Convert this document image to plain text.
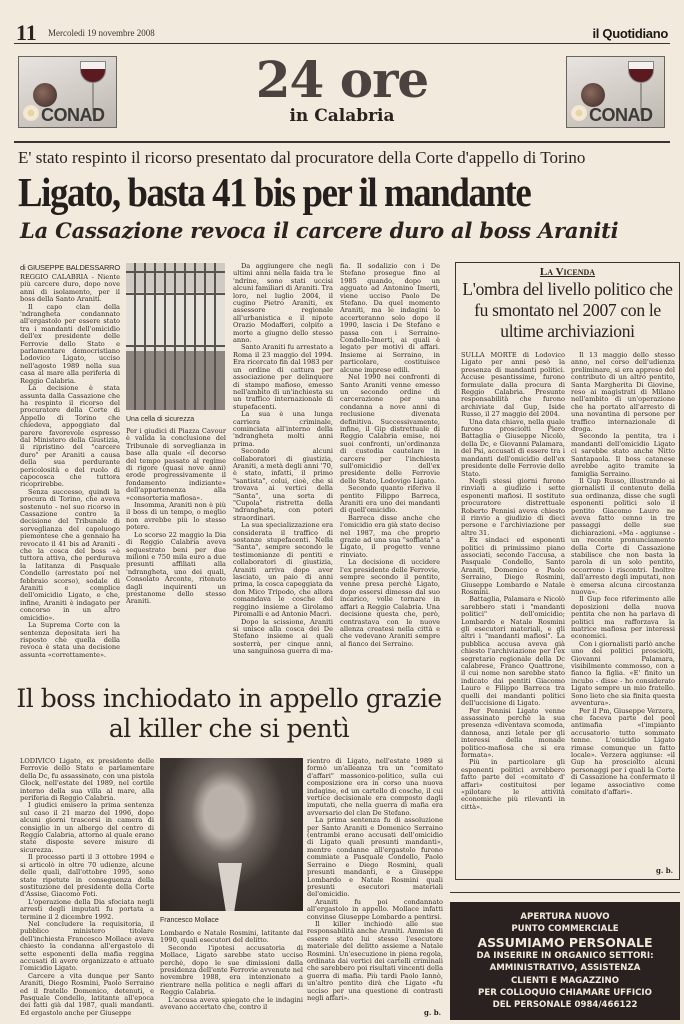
11 Mercoledì 19 novembre 2008	il Quotidiano
CONAD
24 ore
in Calabria	CONAD
E' stato respinto il ricorso presentato dal procuratore della Corte d'appello di Torino
Ligato, basta 41 bis per il mandante
La Cassazione revoca il carcere duro al boss Araniti
di GIUSEPPE BALDESSARRO

REGGIO CALABRIA - Niente più carcere duro, dopo nove anni di isolamento, per il boss della Santo Araniti.

Il capo clan della 'ndrangheta condannato all'ergastolo per essere stato tra i mandanti dell'omicidio dell'ex presidente delle Ferrovie dello Stato e parlamentare democristiano Lodovico Ligato, ucciso nell'agosto 1989 nella sua casa al mare alla periferia di Reggio Calabria.

La decisione è stata assunta dalla Cassazione che ha respinto il ricorso del procuratore della Corte di Appello di Torino che chiedeva, appoggiato dal parere favorevole espresso dal Ministero della Giustizia, il ripristino del "carcere duro" per Araniti a causa della sua perdurante pericolosità e del ruolo di capocosca che tuttora ricoprirebbe.

Senza successo, quindi la procura di Torino, che aveva sostenuto - nel suo ricorso in Cassazione contro la decisione del Tribunale di sorveglianza del capoluogo piemontese che a gennaio ha revocato il 41 bis ad Araniti - che la cosca del boss «è tuttora attiva, che perdurava la latitanza di Pasquale Condello (arrestato poi nel febbraio scorso), sodale di Araniti e complice dell'omicidio Ligato, e che, infine, Araniti è indagato per concorso in un altro omicidio».

La Suprema Corte con la sentenza depositata ieri ha risposto che quella della revoca è stata una decisione assunta «correttamente».

Una cella di sicurezza

Per i giudici di Piazza Cavour è valida la conclusione del Tribunale di sorveglianza in base alla quale «il decorso del tempo passato al regime di rigore (quasi nove anni) erode progressivamente il fondamento indiziante» dell'appartenenza alla «consorteria mafiosa».

Insomma, Araniti non è più il boss di un tempo, o meglio non avrebbe più lo stesso potere.

Lo scorso 22 maggio la Dia di Reggio Calabria aveva sequestrato beni per due milioni e 750 mila euro a due presunti affiliati alla 'ndrangheta, uno dei quali, Consolato Arconte, ritenuto dagli inquirenti un prestanome dello stesso Araniti.

Da aggiungere che negli ultimi anni nella faida tra le 'ndrine, sono stati uccisi alcuni familiari di Araniti. Tra loro, nel luglio 2004, il cugino Pietro Araniti, ex assessore regionale all'urbanistica e il nipote Orazio Modafferi, colpito a morte a giugno dello stesso anno.

Santo Araniti fu arrestato a Roma il 23 maggio del 1994. Era ricercato fin dal 1983 per un ordine di cattura per associazione per delinquere di stampo mafioso, emesso nell'ambito di un'inchiesta su un traffico internazionale di stupefacenti.

La sua è una lunga carriera criminale, cominciata all'interno della 'ndrangheta molti anni prima.

Secondo alcuni collaboratori di giustizia, Araniti, a metà degli anni '70, è stato, infatti, il primo "santista", colui, cioè, che si trovava ai vertici della "Santa", una sorta di "Cupola" ristretta della 'ndrangheta, con poteri straordinari.

La sua specializzazione era considerata il traffico di sostanze stupefacenti. Nella "Santa", sempre secondo le testimonianze di pentiti e collaboratori di giustizia, Araniti arriva dopo aver lasciato, un paio di anni prima, la cosca capeggiata da don Mico Tripodo, che allora comandava le cosche del reggino insieme a Girolamo Piromalli e ad Antonio Macrì.

Dopo la scissione, Araniti si unisce alla cosca dei De Stefano insieme ai quali sosterrà, per cinque anni, una sanguinosa guerra di ma-

fia. Il sodalizio con i De Stefano prosegue fino al 1985 quando, dopo un agguato ad Antonino Imerti, viene ucciso Paolo De Stefano. Da quel momento Araniti, ma le indagini lo accerteranno solo dopo il 1990, lascia i De Stefano e passa con i Serraino-Condello-Imerti, ai quali è legato per motivi di affari. Insieme ai Serraino, in particolare, costituisce alcune imprese edili.

Nel 1990 nei confronti di Santo Araniti venne emesso un secondo ordine di carcerazione per una condanna a nove anni di reclusione divenata definitiva. Successivamente, infine, il Gip distrettuale di Reggio Calabria emise, nei suoi confronti, un'ordinanza di custodia cautelare in carcere per l'inchiesta sull'omicidio dell'ex presidente delle Ferrovie dello Stato, Lodovigo Ligato.

Secondo quanto riferiva il pentito Filippo Barreca, Araniti era uno dei mandanti di quell'omicidio.

Barreca disse anche che l'omicidio era già stato deciso nel 1987, ma che proprio grazie ad una sua "soffiata" a Ligato, il progetto venne rinviato.

La decisione di uccidere l'ex presidente delle Ferrovie, sempre secondo il pentito, venne presa perchè Ligato, dopo essersi dimesso dal suo incarico, volle tornare in affari a Reggio Calabria. Una decisione questa che, però, contrastava con le nuove allenza createsi nella città e che vedevano Araniti sempre al fianco dei Serraino.

La Vicenda
L'ombra del livello politico che fu smontato nel 2007 con le ultime archiviazioni

SULLA MORTE di Lodovico Ligato per anni pesò la presenza di mandanti politici. Accuse pesantissime, furono formulate dalla procura di Reggio Calabria. Presunte responsabilità che furono archiviate dal Gup, Iside Russo, il 27 maggio del 2004.

Una data chiave, nella quale furono prosciolti Piero Battaglia e Giuseppe Nicolò, della Dc, e Giovanni Palamara, del Psi, accusati di essere tra i mandanti dell'omicidio dell'ex presidente delle Ferrovie dello Stato.

Negli stessi giorni furono rinviati a giudizio i sette esponenti mafiosi. Il sostituto procuratore distrettuale Roberto Pennisi aveva chiesto il rinvio a giudizio di dieci persone e l'archiviazione per altre 31.

Ex sindaci ed esponenti politici di primissimo piano associati, secondo l'accusa, a Pasquale Condello, Santo Araniti, Domenico e Paolo Serraino, Diego Rosmini, Giuseppe Lombardo e Natale Rosmini.

Battaglia, Palamara e Nicolò sarebbero stati i "mandanti politici" dell'omicidio; Lombardo e Natale Rosmini gli esecutori materiali, e gli altri i "mandanti mafiosi". La pubblica accusa aveva già chiesto l'archiviazione per l'ex segretario regionale della Dc calabrese, Franco Quattrone, il cui nome non sarebbe stato indicato dai pentiti Giacomo Lauro e Filippo Barreca tra quelli dei mandanti politici dell'uccisione di Ligato.

Per Pennisi Ligato venne assassinato perchè la sua presenza «diventava scomoda, dannosa, anzi letale per gli interessi della monade politico-mafiosa che si era formata».

Più in particolare gli esponenti politici avrebbero fatto parte del «comitato d' affari» costituitosi per «pilotare le attività economiche più rilevanti in città».

Il 13 maggio dello stesso anno, nel corso dell'udienza preliminare, si era appreso del contributo di un altro pentito, Santa Margherita Di Giovine, reso ai magistrati di Milano nell'ambito di un'operazione che ha portato all'arresto di una novantina di persone per traffico internazionale di droga.

Secondo la pentita, tra i mandanti dell'omicidio Ligato ci sarebbe stato anche Nitto Santapaola. Il boss catanese avrebbe agito tramite la famiglia Serraino.

Il Gup Russo, illustrando ai giornalisti il contenuto della sua ordinanza, disse che sugli esponenti politici solo il pentito Giacomo Lauro ne aveva fatto cenno in tre passaggi delle sue dichiarazioni. «Ma - aggiunse - un recente pronunciamento della Corte di Cassazione stabilisce che non basta la parola di un solo pentito, occorrono i riscontri. Inoltre dall'arresto degli imputati, non è emersa alcuna circostanza nuova».

Il Gup fece riferimento alle deposizioni della nuova pentita che non ha parlava di politici ma rafforzava la matrice mafiosa per interessi economici.

Con i giornalisti parlò anche uno dei politici prosciolti, Giovanni Palamara, visibilmente commosso, con a fianco la figlia. «E' finito un incubo - disse - ho considerato Ligato sempre un mio fratello. Sono lieto che sia finita questa avventura».

Per il Pm, Giuseppe Verzera, che faceva parte del pool antimafia «l'impianto accusatorio tutto sommato tenne. L'omicidio Ligato rimase comunque un fatto locale». Verzera aggiunse: «il Gup ha prosciolto alcuni personaggi per i quali la Corte di Cassazione ha confermato il legame associativo come comitato d'affari».

g. b.
Il boss inchiodato in appello grazie al killer che si pentì

LODIVICO Ligato, ex presidente delle Ferrovie dello Stato e parlamentare della Dc, fu assassinato, con una pistola Glock, nell'estate del 1989, nel cortile interno della sua villa al mare, alla periferia di Reggio Calabria.

I giudici emisero la prima sentenza sul caso il 21 marzo del 1996, dopo alcuni giorni trascorsi in camera di consiglio in un albergo del centro di Reggio Calabria, attorno al quale erano state disposte severe misure di sicurezza.

Il processo partì il 3 ottobre 1994 e si articolò in oltre 70 udienze, alcune delle quali, dall'ottobre 1995, sono state ripetute in conseguenza della sostituzione del presidente della Corte d'Assise, Giacomo Foti.

L'operazione della Dia sfociata negli arresti degli imputati fu portata a termine il 2 dicembre 1992.

Nel concludere la requisitoria, il pubblico ministero titolare dell'inchiesta Francesco Mollace aveva chiesto la condanna all'ergastolo di sette esponenti della mafia reggina accusati di avere organizzato e attuato l'omicidio Ligato.

Carcere a vita dunque per Santo Araniti, Diego Rosmini, Paolo Serraino ed il fratello Domenico, detenuti, e Pasquale Condello, latitante all'epoca dei fatti già dal 1987, quali mandanti. Ed ergastolo anche per Giuseppe

Francesco Mollace

Lombardo e Natale Rosmini, latitante dal 1990, quali esecutori del delitto.

Secondo l'ipotesi accusatoria di Mollace, Ligato sarebbe stato ucciso perchè, dopo le sue dimissioni dalla presidenza dell'ente Ferrovie avvenute nel novembre 1988, era intenzionato a rientrare nella politica e negli affari di Reggio Calabria.

L'accusa aveva spiegato che le indagini avevano accertato che, contro il

rientro di Ligato, nell'estate 1989 si formò un'alleanza tra un "comitato d'affari" massonico-politico, sulla cui composizione era in corso una nuova indagine, ed un cartello di cosche, il cui vertice decisionale era composto dagli imputati, che nella guerra di mafia era avversario del clan De Stefano.

La prima sentenza fu di assoluzione per Santo Araniti e Domenico Serraino (entrambi erano accusati dell'omicidio di Ligato quali presunti mandanti», mentre condanne all'ergastolo furono commiate a Pasquale Condello, Paolo Serraino e Diego Rosmini, quali presunti mandanti, e a Giuseppe Lombardo e Natale Rosmini quali presunti esecutori materiali del'omicidio.

Araniti fu poi condannato all'ergastolo in appello. Mollace infatti convinse Giuseppe Lombardo a pentirsi.

Il killer inchiodò alle sue responsabilità anche Araniti. Ammise di essere stato lui stesso l'esecutore materiale del delitto assieme a Natale Rosmini. Un'esecuzione in piena regola, ordinata dai vertici dei cartelli criminali che sarebbero poi risultati vincenti della guerra di mafia. Più tardi Paolo Iannò, un'altro pentito dirà che Ligato «fu ucciso per una questione di contrasti negli affari».

g. b.
APERTURA NUOVO
PUNTO COMMERCIALE
ASSUMIAMO PERSONALE
DA INSERIRE IN ORGANICO SETTORI:
AMMINISTRATIVO, ASSISTENZA
CLIENTI E MAGAZZINO
PER COLLOQUIO CHIAMARE UFFICIO
DEL PERSONALE 0984/466122
